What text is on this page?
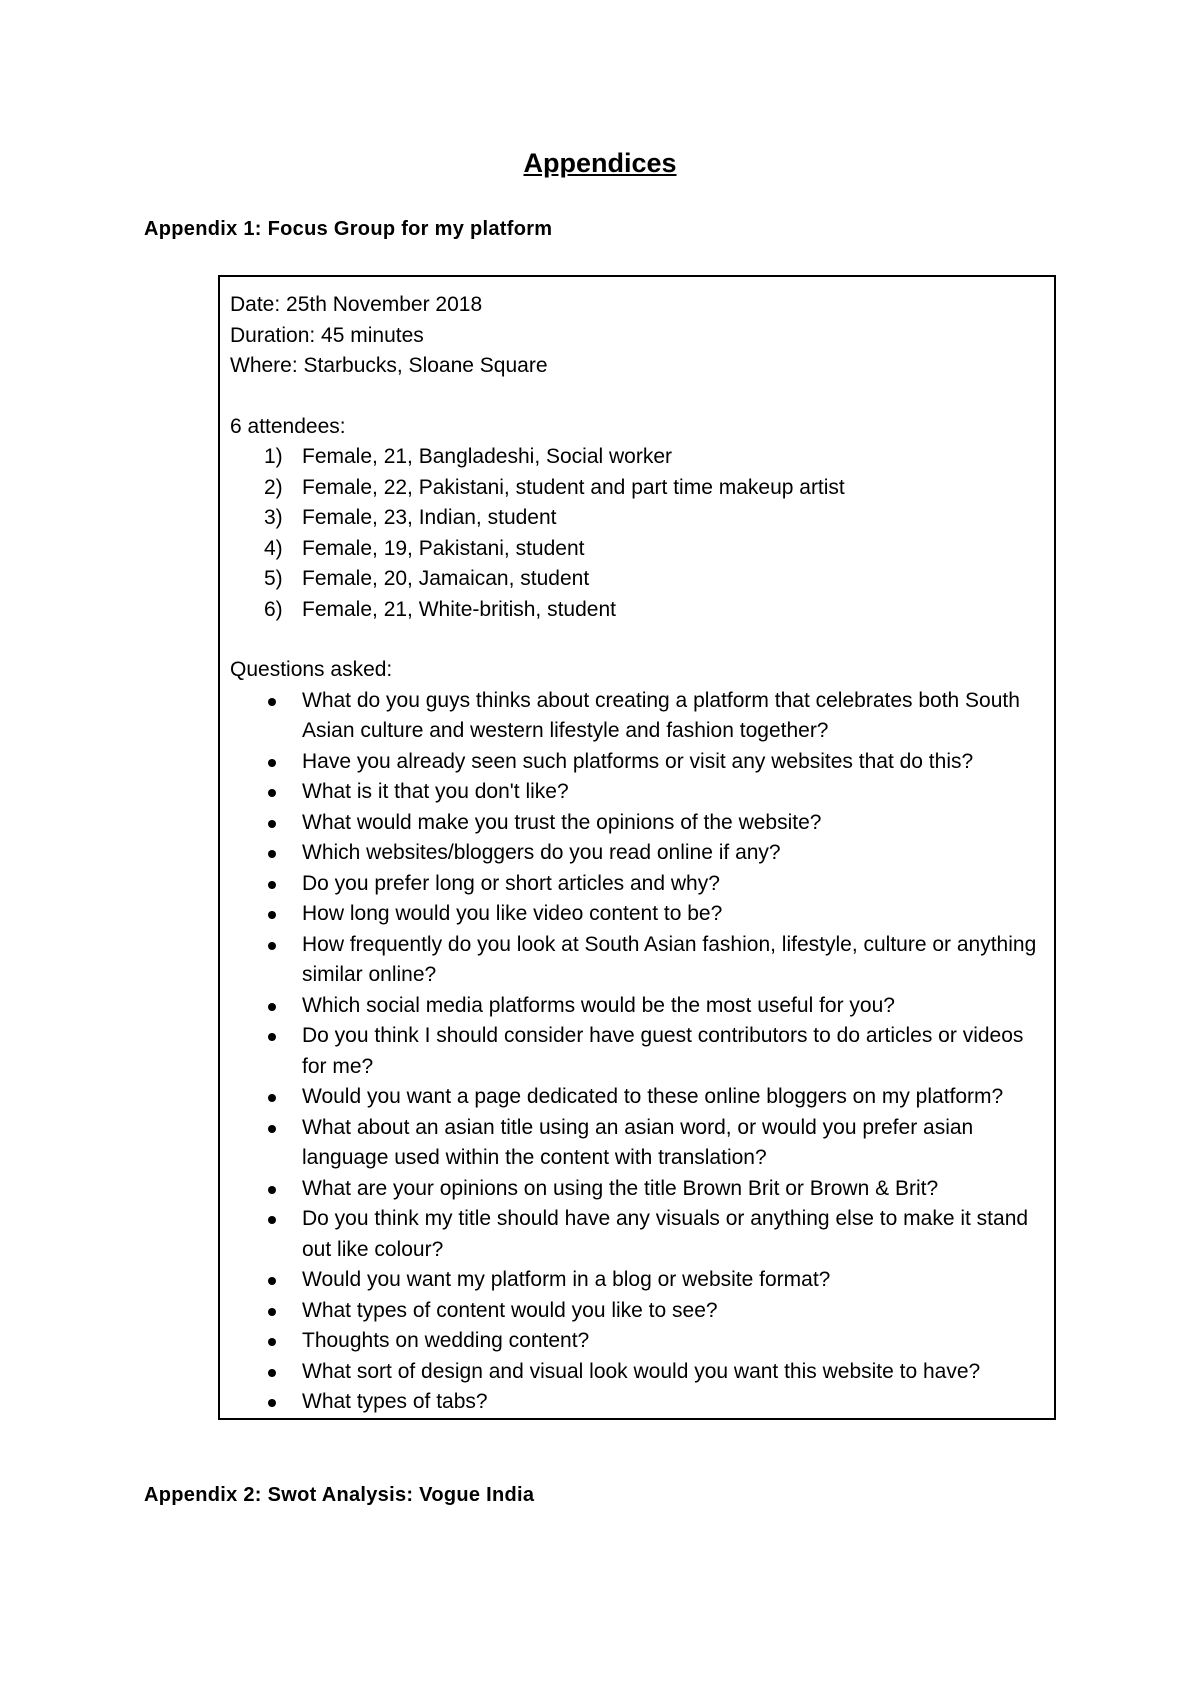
Appendices
Appendix 1: Focus Group for my platform
Date: 25th November 2018
Duration: 45 minutes
Where: Starbucks, Sloane Square
6 attendees:
1) Female, 21, Bangladeshi, Social worker
2) Female, 22, Pakistani, student and part time makeup artist
3) Female, 23, Indian, student
4) Female, 19, Pakistani, student
5) Female, 20, Jamaican, student
6) Female, 21, White-british, student
Questions asked:
What do you guys thinks about creating a platform that celebrates both South Asian culture and western lifestyle and fashion together?
Have you already seen such platforms or visit any websites that do this?
What is it that you don't like?
What would make you trust the opinions of the website?
Which websites/bloggers do you read online if any?
Do you prefer long or short articles and why?
How long would you like video content to be?
How frequently do you look at South Asian fashion, lifestyle, culture or anything similar online?
Which social media platforms would be the most useful for you?
Do you think I should consider have guest contributors to do articles or videos for me?
Would you want a page dedicated to these online bloggers on my platform?
What about an asian title using an asian word, or would you prefer asian language used within the content with translation?
What are your opinions on using the title Brown Brit or Brown & Brit?
Do you think my title should have any visuals or anything else to make it stand out like colour?
Would you want my platform in a blog or website format?
What types of content would you like to see?
Thoughts on wedding content?
What sort of design and visual look would you want this website to have?
What types of tabs?
Appendix 2: Swot Analysis: Vogue India
